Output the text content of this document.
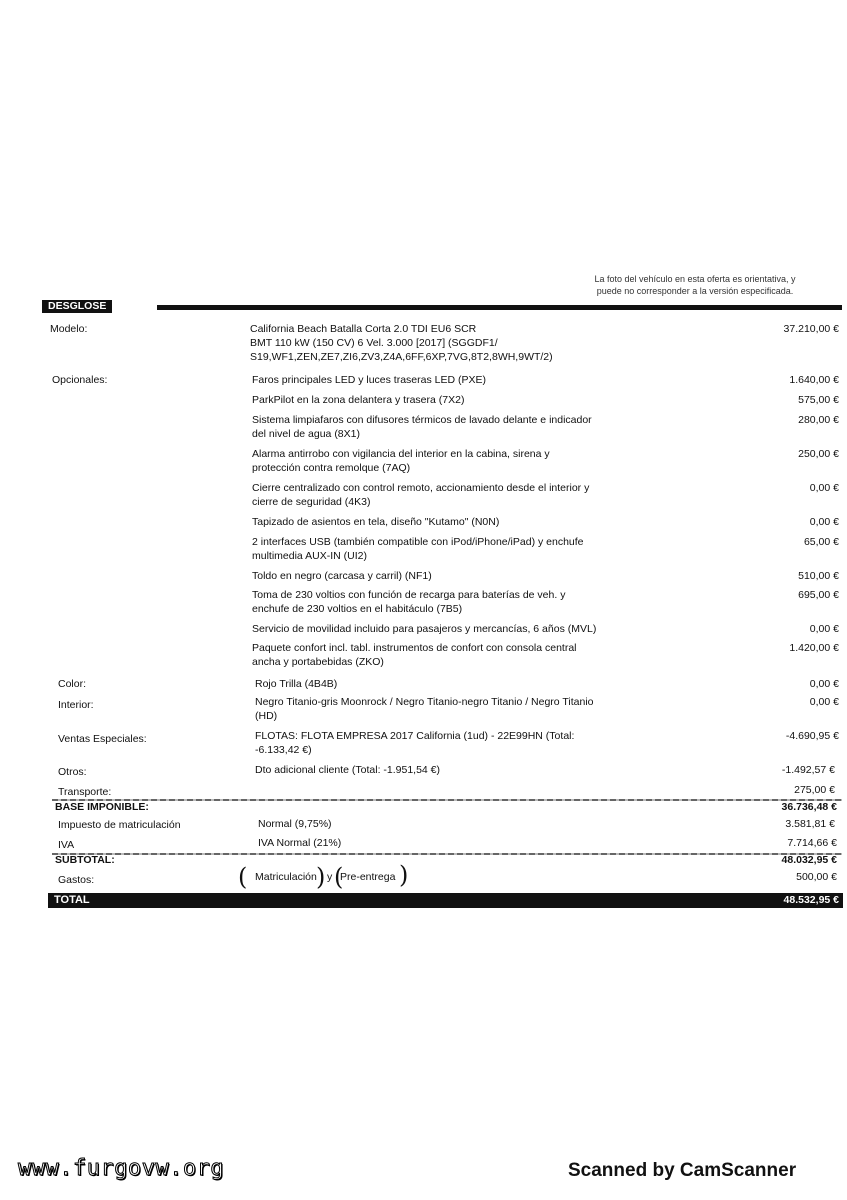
La foto del vehículo en esta oferta es orientativa, y
puede no corresponder a la versión especificada.
DESGLOSE
Modelo:	California Beach Batalla Corta 2.0 TDI EU6 SCR
BMT 110 kW (150 CV) 6 Vel. 3.000 [2017] (SGGDF1/
S19,WF1,ZEN,ZE7,ZI6,ZV3,Z4A,6FF,6XP,7VG,8T2,8WH,9WT/2)
37.210,00 €
Opcionales:	Faros principales LED y luces traseras LED (PXE)	1.640,00 €
ParkPilot en la zona delantera y trasera (7X2)	575,00 €
Sistema limpiafaros con difusores térmicos de lavado delante e indicador
del nivel de agua (8X1)
280,00 €
Alarma antirrobo con vigilancia del interior en la cabina, sirena y
protección contra remolque (7AQ)
250,00 €
Cierre centralizado con control remoto, accionamiento desde el interior y
cierre de seguridad (4K3)
0,00 €
Tapizado de asientos en tela, diseño "Kutamo" (N0N)	0,00 €
2 interfaces USB (también compatible con iPod/iPhone/iPad) y enchufe
multimedia AUX-IN (UI2)
65,00 €
Toldo en negro (carcasa y carril) (NF1)	510,00 €
Toma de 230 voltios con función de recarga para baterías de veh. y
enchufe de 230 voltios en el habitáculo (7B5)
695,00 €
Servicio de movilidad incluido para pasajeros y mercancías, 6 años (MVL)	0,00 €
Paquete confort incl. tabl. instrumentos de confort con consola central
ancha y portabebidas (ZKO)
1.420,00 €
Color:	Rojo Trilla (4B4B)	0,00 €
Interior:	Negro Titanio-gris Moonrock / Negro Titanio-negro Titanio / Negro Titanio
(HD)
0,00 €
Ventas Especiales:	FLOTAS: FLOTA EMPRESA 2017 California (1ud) - 22E99HN (Total:
-6.133,42 €)
-4.690,95 €
Otros:	Dto adicional cliente (Total: -1.951,54 €)	-1.492,57 €
Transporte:	275,00 €
BASE IMPONIBLE:	36.736,48 €
Impuesto de matriculación	Normal (9,75%)	3.581,81 €
IVA	IVA Normal (21%)	7.714,66 €
SUBTOTAL:	48.032,95 €
Gastos:	( Matriculación ) y (
Pre-entrega )	500,00 €
TOTAL	48.532,95 €
www.furgovw.org	Scanned by CamScanner
